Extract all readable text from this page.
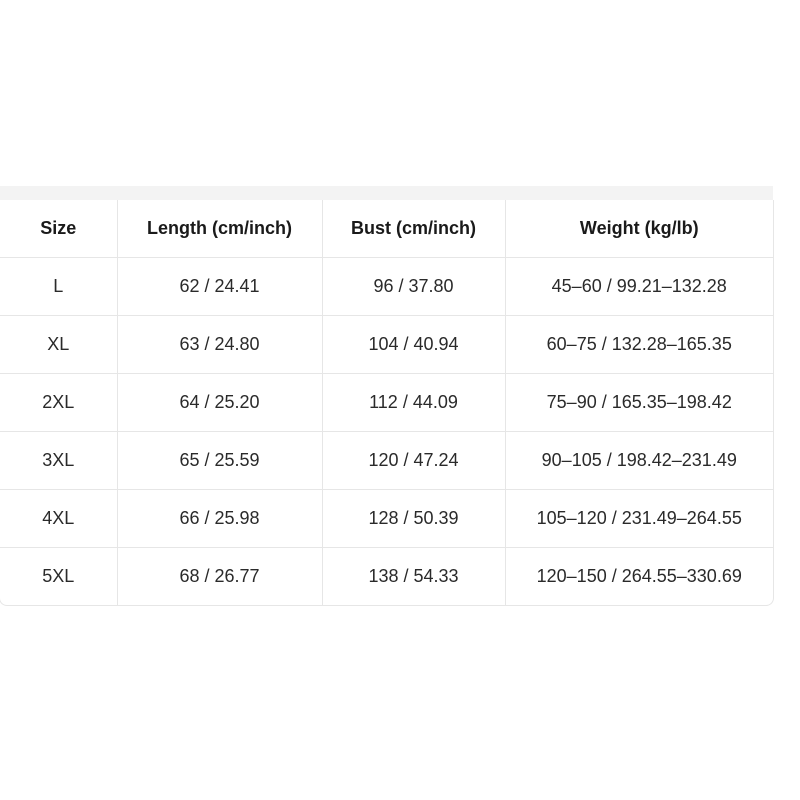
Size	Length (cm/inch)	Bust (cm/inch)	Weight (kg/lb)
L	62 / 24.41	96 / 37.80	45–60 / 99.21–132.28
XL	63 / 24.80	104 / 40.94	60–75 / 132.28–165.35
2XL	64 / 25.20	112 / 44.09	75–90 / 165.35–198.42
3XL	65 / 25.59	120 / 47.24	90–105 / 198.42–231.49
4XL	66 / 25.98	128 / 50.39	105–120 / 231.49–264.55
5XL	68 / 26.77	138 / 54.33	120–150 / 264.55–330.69
